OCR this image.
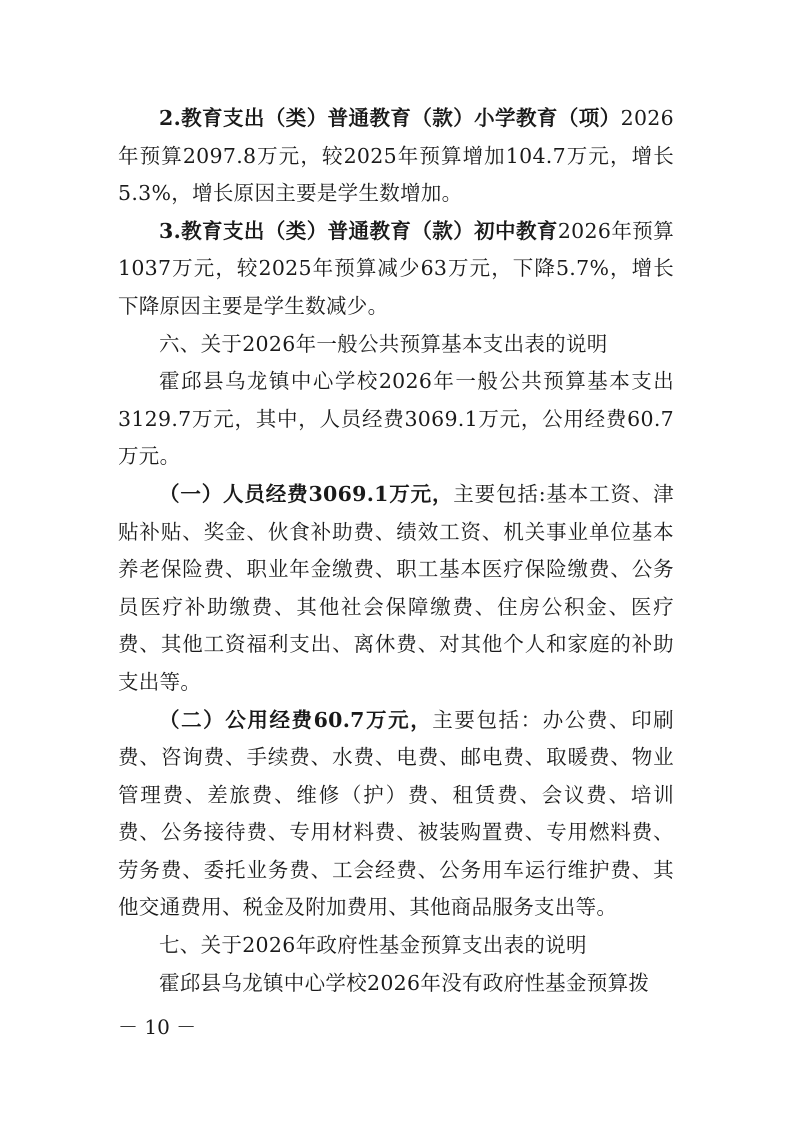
2.教育支出（类）普通教育（款）小学教育（项）2026年预算2097.8万元，较2025年预算增加104.7万元，增长5.3%，增长原因主要是学生数增加。

3.教育支出（类）普通教育（款）初中教育2026年预算1037万元，较2025年预算减少63万元，下降5.7%，增长下降原因主要是学生数减少。

六、关于2026年一般公共预算基本支出表的说明

霍邱县乌龙镇中心学校2026年一般公共预算基本支出3129.7万元，其中，人员经费3069.1万元，公用经费60.7万元。

（一）人员经费3069.1万元，主要包括:基本工资、津贴补贴、奖金、伙食补助费、绩效工资、机关事业单位基本养老保险费、职业年金缴费、职工基本医疗保险缴费、公务员医疗补助缴费、其他社会保障缴费、住房公积金、医疗费、其他工资福利支出、离休费、对其他个人和家庭的补助支出等。

（二）公用经费60.7万元，主要包括：办公费、印刷费、咨询费、手续费、水费、电费、邮电费、取暖费、物业管理费、差旅费、维修（护）费、租赁费、会议费、培训费、公务接待费、专用材料费、被装购置费、专用燃料费、劳务费、委托业务费、工会经费、公务用车运行维护费、其他交通费用、税金及附加费用、其他商品服务支出等。

七、关于2026年政府性基金预算支出表的说明

霍邱县乌龙镇中心学校2026年没有政府性基金预算拨

－ 10 －
